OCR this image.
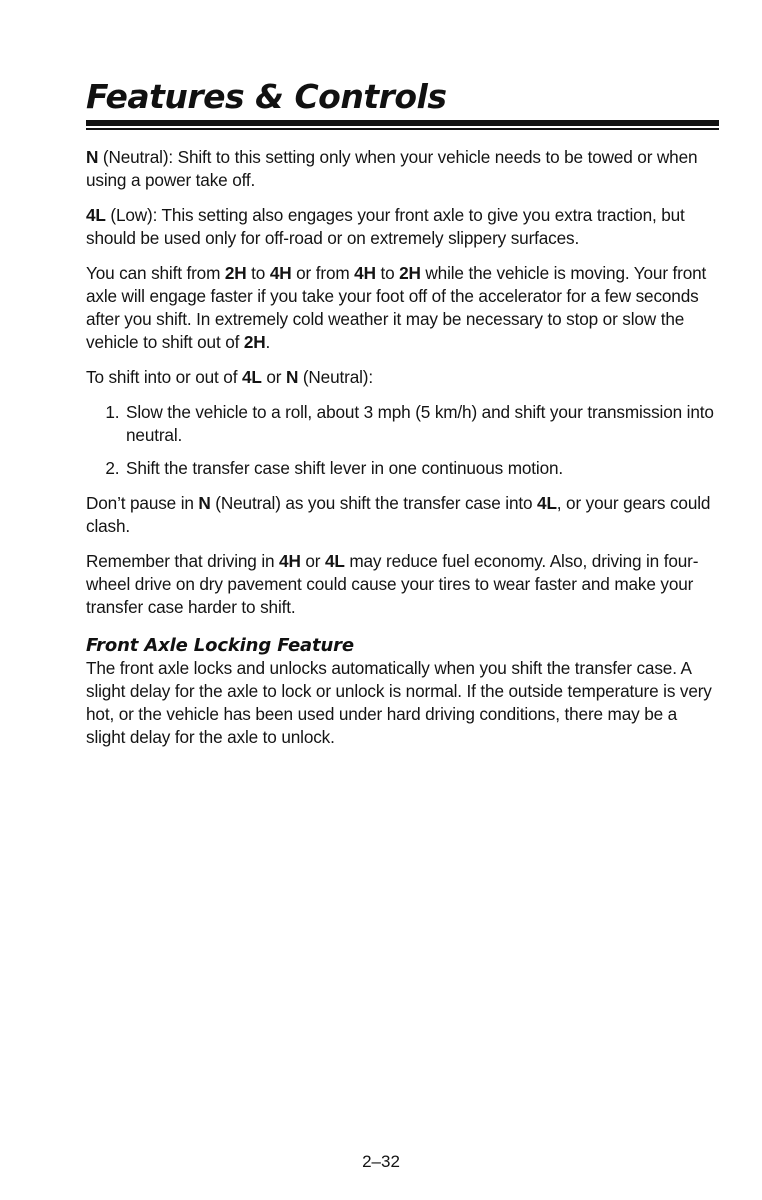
Features & Controls

N (Neutral): Shift to this setting only when your vehicle needs to be towed or when using a power take off.

4L (Low): This setting also engages your front axle to give you extra traction, but should be used only for off-road or on extremely slippery surfaces.

You can shift from 2H to 4H or from 4H to 2H while the vehicle is moving. Your front axle will engage faster if you take your foot off of the accelerator for a few seconds after you shift. In extremely cold weather it may be necessary to stop or slow the vehicle to shift out of 2H.

To shift into or out of 4L or N (Neutral):

1. Slow the vehicle to a roll, about 3 mph (5 km/h) and shift your transmission into neutral.
2. Shift the transfer case shift lever in one continuous motion.

Don’t pause in N (Neutral) as you shift the transfer case into 4L, or your gears could clash.

Remember that driving in 4H or 4L may reduce fuel economy. Also, driving in four-wheel drive on dry pavement could cause your tires to wear faster and make your transfer case harder to shift.

Front Axle Locking Feature

The front axle locks and unlocks automatically when you shift the transfer case. A slight delay for the axle to lock or unlock is normal. If the outside temperature is very hot, or the vehicle has been used under hard driving conditions, there may be a slight delay for the axle to unlock.

2–32
